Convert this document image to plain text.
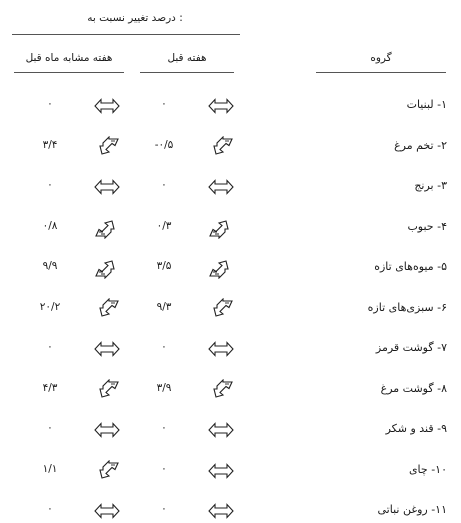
درصد تغییر نسبت به :
هفته مشابه ماه قبل	هفته قبل	گروه
۰	۰	۱- لبنیات
۳/۴	-۰/۵	۲- تخم مرغ
۰	۰	۳- برنج
۰/۸	۰/۳	۴- حبوب
۹/۹	۳/۵	۵- میوه‌های تازه
۲۰/۲	۹/۳	۶- سبزی‌های تازه
۰	۰	۷- گوشت قرمز
۴/۳	۳/۹	۸- گوشت مرغ
۰	۰	۹- قند و شکر
۱/۱	۰	۱۰- چای
۰	۰	۱۱- روغن نباتی
